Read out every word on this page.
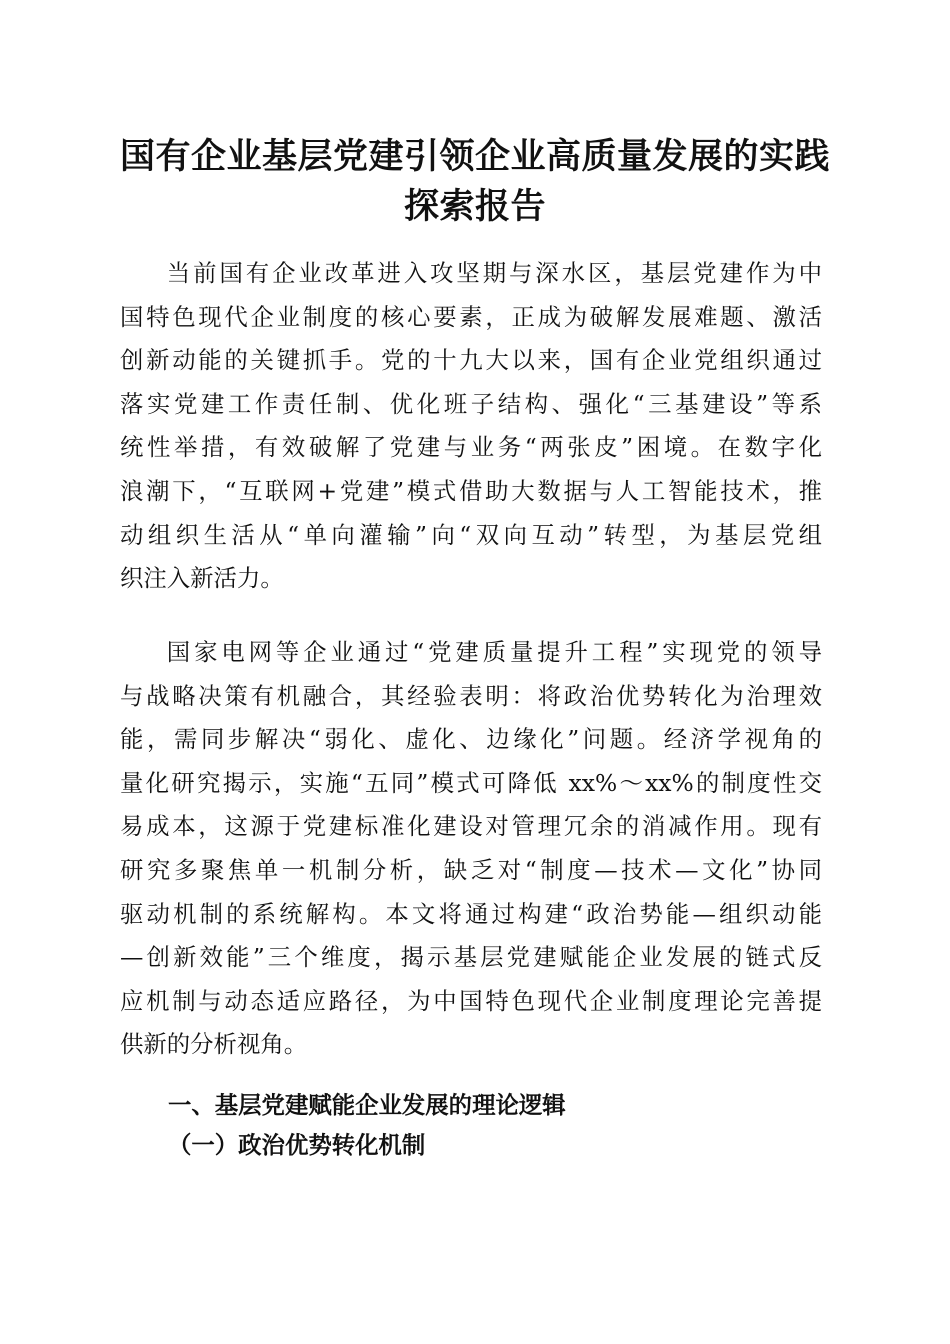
国有企业基层党建引领企业高质量发展的实践
探索报告
当前国有企业改革进入攻坚期与深水区，基层党建作为中
国特色现代企业制度的核心要素，正成为破解发展难题、激活
创新动能的关键抓手。党的十九大以来，国有企业党组织通过
落实党建工作责任制、优化班子结构、强化“三基建设”等系
统性举措，有效破解了党建与业务“两张皮”困境。在数字化
浪潮下，“互联网+党建”模式借助大数据与人工智能技术，推
动组织生活从“单向灌输”向“双向互动”转型，为基层党组
织注入新活力。
国家电网等企业通过“党建质量提升工程”实现党的领导
与战略决策有机融合，其经验表明：将政治优势转化为治理效
能，需同步解决“弱化、虚化、边缘化”问题。经济学视角的
量化研究揭示，实施“五同”模式可降低 xx%～xx%的制度性交
易成本，这源于党建标准化建设对管理冗余的消减作用。现有
研究多聚焦单一机制分析，缺乏对“制度—技术—文化”协同
驱动机制的系统解构。本文将通过构建“政治势能—组织动能
—创新效能”三个维度，揭示基层党建赋能企业发展的链式反
应机制与动态适应路径，为中国特色现代企业制度理论完善提
供新的分析视角。
一、基层党建赋能企业发展的理论逻辑
（一）政治优势转化机制
